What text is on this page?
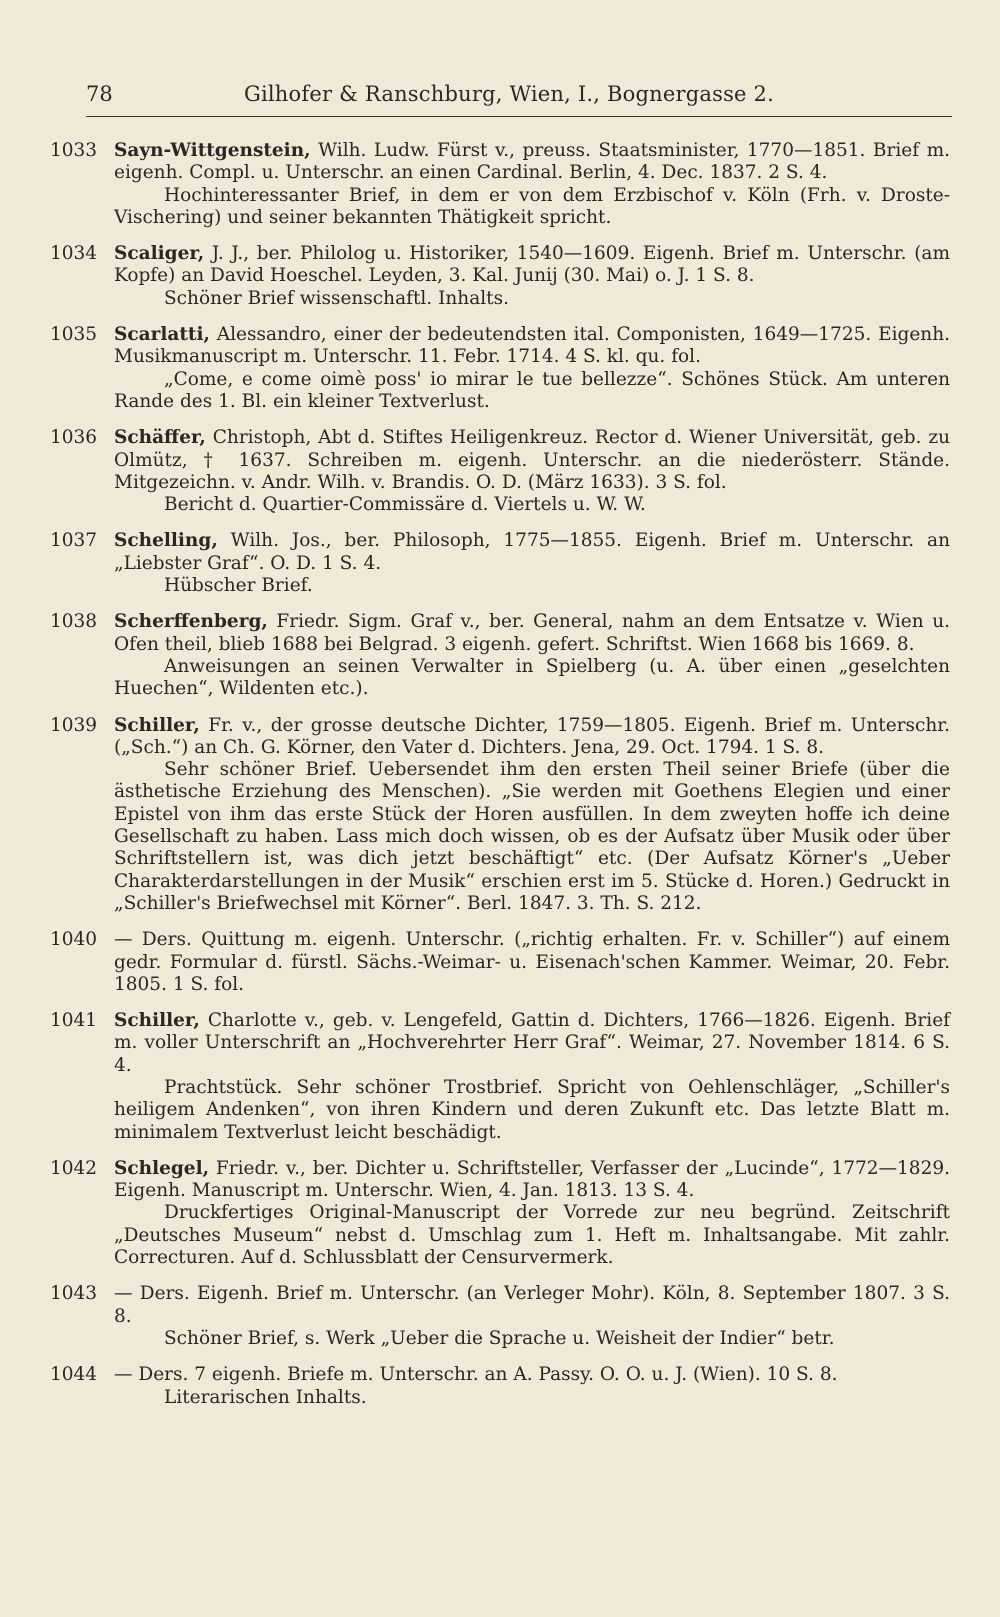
78	Gilhofer & Ranschburg, Wien, I., Bognergasse 2.
1033 Sayn-Wittgenstein, Wilh. Ludw. Fürst v., preuss. Staatsminister, 1770—1851. Brief m. eigenh. Compl. u. Unterschr. an einen Cardinal. Berlin, 4. Dec. 1837. 2 S. 4.
Hochinteressanter Brief, in dem er von dem Erzbischof v. Köln (Frh. v. Droste-Vischering) und seiner bekannten Thätigkeit spricht.
1034 Scaliger, J. J., ber. Philolog u. Historiker, 1540—1609. Eigenh. Brief m. Unterschr. (am Kopfe) an David Hoeschel. Leyden, 3. Kal. Junij (30. Mai) o. J. 1 S. 8.
Schöner Brief wissenschaftl. Inhalts.
1035 Scarlatti, Alessandro, einer der bedeutendsten ital. Componisten, 1649—1725. Eigenh. Musikmanuscript m. Unterschr. 11. Febr. 1714. 4 S. kl. qu. fol.
„Come, e come oimè poss' io mirar le tue bellezze“. Schönes Stück. Am unteren Rande des 1. Bl. ein kleiner Textverlust.
1036 Schäffer, Christoph, Abt d. Stiftes Heiligenkreuz. Rector d. Wiener Universität, geb. zu Olmütz, † 1637. Schreiben m. eigenh. Unterschr. an die niederösterr. Stände. Mitgezeichn. v. Andr. Wilh. v. Brandis. O. D. (März 1633). 3 S. fol.
Bericht d. Quartier-Commissäre d. Viertels u. W. W.
1037 Schelling, Wilh. Jos., ber. Philosoph, 1775—1855. Eigenh. Brief m. Unterschr. an „Liebster Graf“. O. D. 1 S. 4.
Hübscher Brief.
1038 Scherffenberg, Friedr. Sigm. Graf v., ber. General, nahm an dem Entsatze v. Wien u. Ofen theil, blieb 1688 bei Belgrad. 3 eigenh. gefert. Schriftst. Wien 1668 bis 1669. 8.
Anweisungen an seinen Verwalter in Spielberg (u. A. über einen „geselchten Huechen“, Wildenten etc.).
1039 Schiller, Fr. v., der grosse deutsche Dichter, 1759—1805. Eigenh. Brief m. Unterschr. („Sch.“) an Ch. G. Körner, den Vater d. Dichters. Jena, 29. Oct. 1794. 1 S. 8.
Sehr schöner Brief. Uebersendet ihm den ersten Theil seiner Briefe (über die ästhetische Erziehung des Menschen). „Sie werden mit Goethens Elegien und einer Epistel von ihm das erste Stück der Horen ausfüllen. In dem zweyten hoffe ich deine Gesellschaft zu haben. Lass mich doch wissen, ob es der Aufsatz über Musik oder über Schriftstellern ist, was dich jetzt beschäftigt“ etc. (Der Aufsatz Körner's „Ueber Charakterdarstellungen in der Musik“ erschien erst im 5. Stücke d. Horen.) Gedruckt in „Schiller's Briefwechsel mit Körner“. Berl. 1847. 3. Th. S. 212.
1040 — Ders. Quittung m. eigenh. Unterschr. („richtig erhalten. Fr. v. Schiller“) auf einem gedr. Formular d. fürstl. Sächs.-Weimar- u. Eisenach'schen Kammer. Weimar, 20. Febr. 1805. 1 S. fol.
1041 Schiller, Charlotte v., geb. v. Lengefeld, Gattin d. Dichters, 1766—1826. Eigenh. Brief m. voller Unterschrift an „Hochverehrter Herr Graf“. Weimar, 27. November 1814. 6 S. 4.
Prachtstück. Sehr schöner Trostbrief. Spricht von Oehlenschläger, „Schiller's heiligem Andenken“, von ihren Kindern und deren Zukunft etc. Das letzte Blatt m. minimalem Textverlust leicht beschädigt.
1042 Schlegel, Friedr. v., ber. Dichter u. Schriftsteller, Verfasser der „Lucinde“, 1772—1829. Eigenh. Manuscript m. Unterschr. Wien, 4. Jan. 1813. 13 S. 4.
Druckfertiges Original-Manuscript der Vorrede zur neu begründ. Zeitschrift „Deutsches Museum“ nebst d. Umschlag zum 1. Heft m. Inhaltsangabe. Mit zahlr. Correcturen. Auf d. Schlussblatt der Censurvermerk.
1043 — Ders. Eigenh. Brief m. Unterschr. (an Verleger Mohr). Köln, 8. September 1807. 3 S. 8.
Schöner Brief, s. Werk „Ueber die Sprache u. Weisheit der Indier“ betr.
1044 — Ders. 7 eigenh. Briefe m. Unterschr. an A. Passy. O. O. u. J. (Wien). 10 S. 8.
Literarischen Inhalts.
